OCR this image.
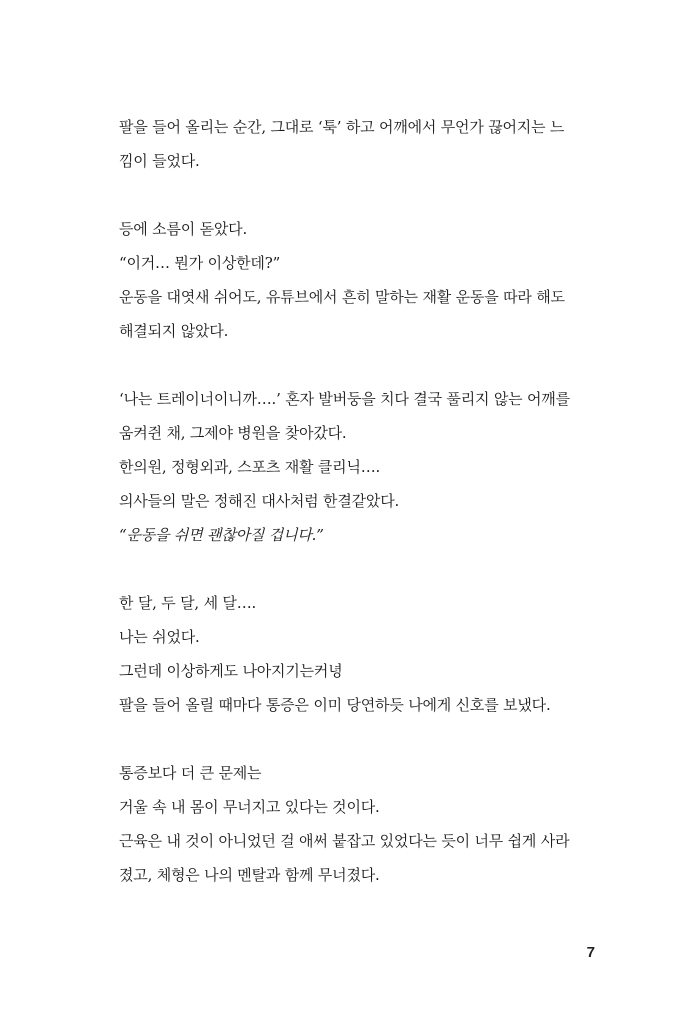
팔을 들어 올리는 순간, 그대로 ‘툭’ 하고 어깨에서 무언가 끊어지는 느
낌이 들었다.
등에 소름이 돋았다.
“이거… 뭔가 이상한데?”
운동을 대엿새 쉬어도, 유튜브에서 흔히 말하는 재활 운동을 따라 해도
해결되지 않았다.
‘나는 트레이너이니까….’ 혼자 발버둥을 치다 결국 풀리지 않는 어깨를
움켜쥔 채, 그제야 병원을 찾아갔다.
한의원, 정형외과, 스포츠 재활 클리닉….
의사들의 말은 정해진 대사처럼 한결같았다.
“운동을 쉬면 괜찮아질 겁니다.”
한 달, 두 달, 세 달….
나는 쉬었다.
그런데 이상하게도 나아지기는커녕
팔을 들어 올릴 때마다 통증은 이미 당연하듯 나에게 신호를 보냈다.
통증보다 더 큰 문제는
거울 속 내 몸이 무너지고 있다는 것이다.
근육은 내 것이 아니었던 걸 애써 붙잡고 있었다는 듯이 너무 쉽게 사라
졌고, 체형은 나의 멘탈과 함께 무너졌다.
7
